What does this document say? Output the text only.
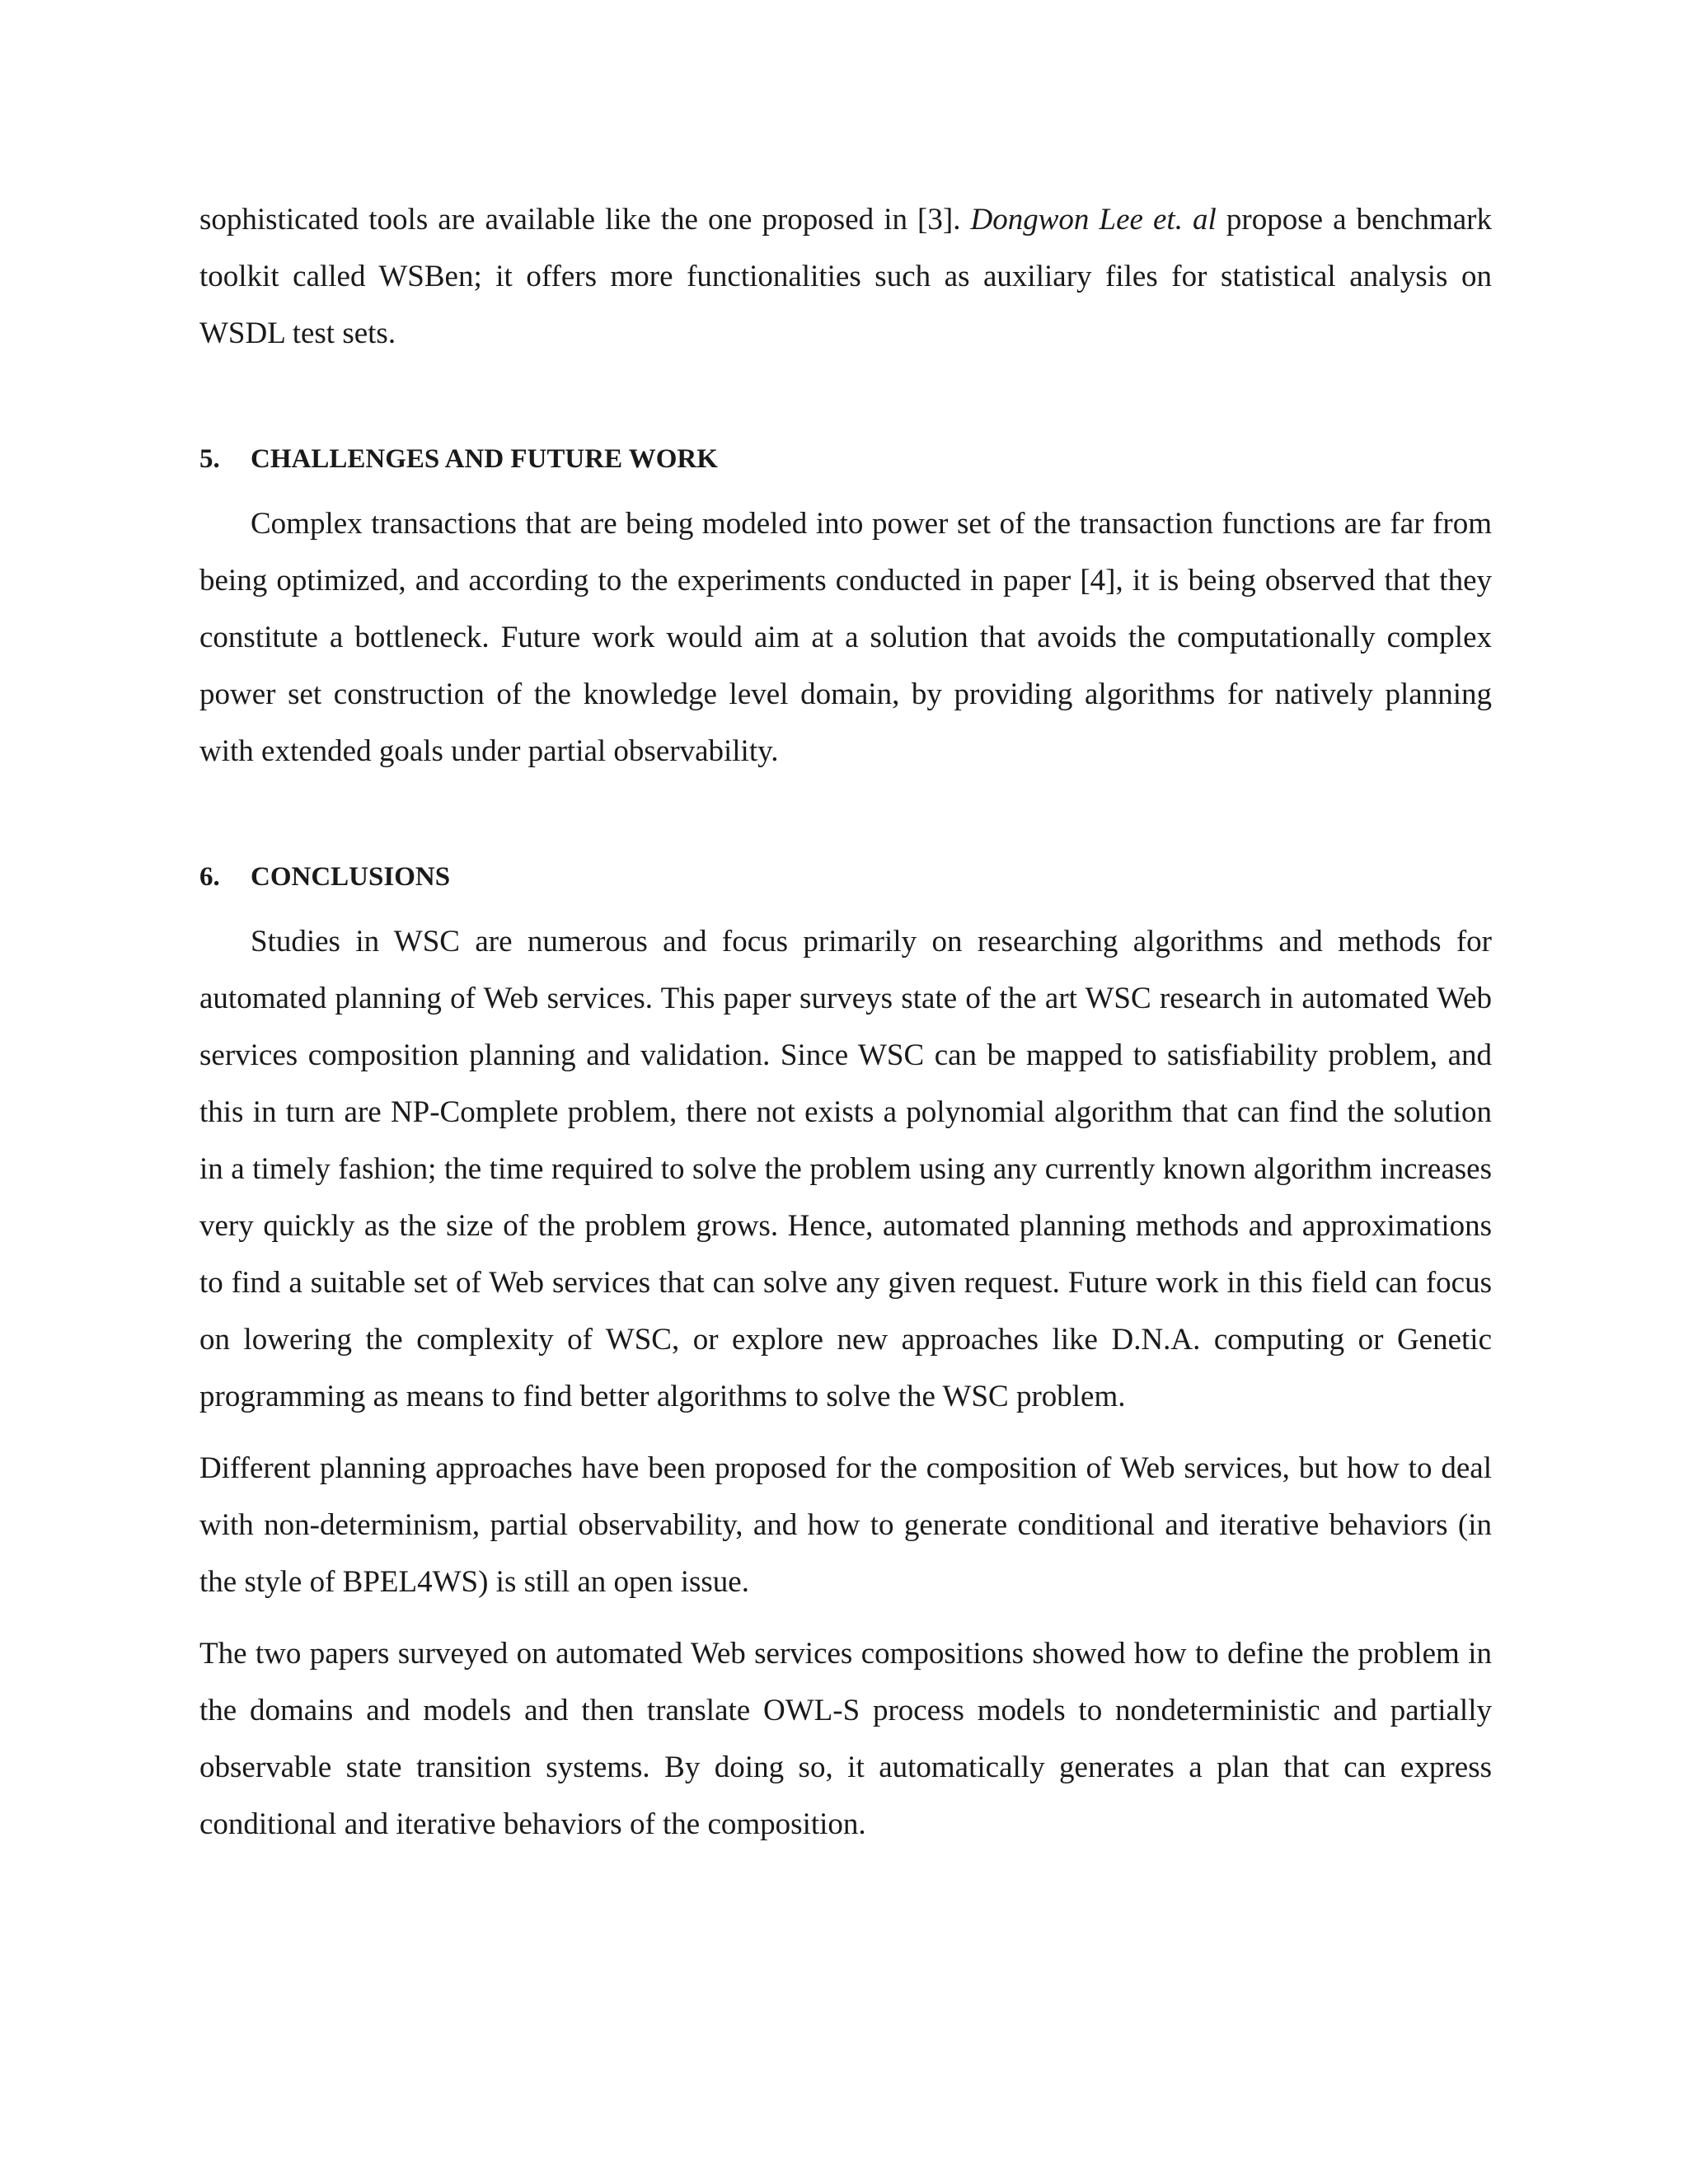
sophisticated tools are available like the one proposed in [3]. Dongwon Lee et. al propose a benchmark toolkit called WSBen; it offers more functionalities such as auxiliary files for statistical analysis on WSDL test sets.

5. CHALLENGES AND FUTURE WORK

Complex transactions that are being modeled into power set of the transaction functions are far from being optimized, and according to the experiments conducted in paper [4], it is being observed that they constitute a bottleneck. Future work would aim at a solution that avoids the computationally complex power set construction of the knowledge level domain, by providing algorithms for natively planning with extended goals under partial observability.

6. CONCLUSIONS

Studies in WSC are numerous and focus primarily on researching algorithms and methods for automated planning of Web services. This paper surveys state of the art WSC research in automated Web services composition planning and validation. Since WSC can be mapped to satisfiability problem, and this in turn are NP-Complete problem, there not exists a polynomial algorithm that can find the solution in a timely fashion; the time required to solve the problem using any currently known algorithm increases very quickly as the size of the problem grows. Hence, automated planning methods and approximations to find a suitable set of Web services that can solve any given request. Future work in this field can focus on lowering the complexity of WSC, or explore new approaches like D.N.A. computing or Genetic programming as means to find better algorithms to solve the WSC problem.

Different planning approaches have been proposed for the composition of Web services, but how to deal with non-determinism, partial observability, and how to generate conditional and iterative behaviors (in the style of BPEL4WS) is still an open issue.

The two papers surveyed on automated Web services compositions showed how to define the problem in the domains and models and then translate OWL-S process models to nondeterministic and partially observable state transition systems. By doing so, it automatically generates a plan that can express conditional and iterative behaviors of the composition.
